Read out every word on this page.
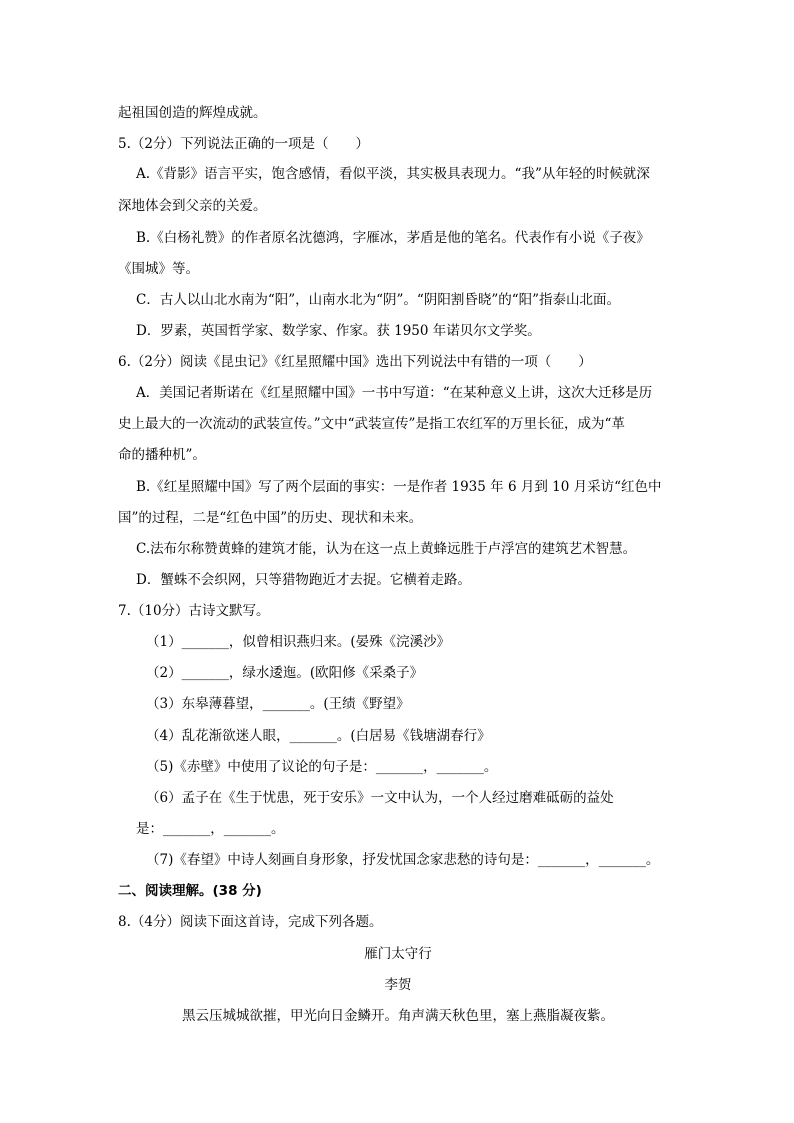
起祖国创造的辉煌成就。
5.（2分）下列说法正确的一项是（　　）
A.《背影》语言平实，饱含感情，看似平淡，其实极具表现力。“我”从年轻的时候就深
深地体会到父亲的关爱。
B.《白杨礼赞》的作者原名沈德鸿，字雁冰，茅盾是他的笔名。代表作有小说《子夜》
《围城》等。
C．古人以山北水南为“阳”，山南水北为“阴”。“阴阳割昏晓”的“阳”指泰山北面。
D．罗素，英国哲学家、数学家、作家。获 1950 年诺贝尔文学奖。
6.（2分）阅读《昆虫记》《红星照耀中国》选出下列说法中有错的一项（　　）
A．美国记者斯诺在《红星照耀中国》一书中写道：“在某种意义上讲，这次大迁移是历
史上最大的一次流动的武装宣传。”文中“武装宣传”是指工农红军的万里长征，成为“革
命的播种机”。
B.《红星照耀中国》写了两个层面的事实：一是作者 1935 年 6 月到 10 月采访“红色中
国”的过程，二是“红色中国”的历史、现状和未来。
C.法布尔称赞黄蜂的建筑才能，认为在这一点上黄蜂远胜于卢浮宫的建筑艺术智慧。
D．蟹蛛不会织网，只等猎物跑近才去捉。它横着走路。
7.（10分）古诗文默写。
（1）_______，似曾相识燕归来。(晏殊《浣溪沙》
（2）_______，绿水逶迤。(欧阳修《采桑子》
（3）东皋薄暮望，_______。(王绩《野望》
（4）乱花渐欲迷人眼，_______。(白居易《钱塘湖春行》
（5)《赤壁》中使用了议论的句子是：_______，_______。
（6）孟子在《生于忧患，死于安乐》一文中认为，一个人经过磨难砥砺的益处
是：_______，_______。
（7)《春望》中诗人刻画自身形象，抒发忧国念家悲愁的诗句是：_______，_______。
二、阅读理解。(38 分)
8.（4分）阅读下面这首诗，完成下列各题。
雁门太守行
李贺
黑云压城城欲摧，甲光向日金鳞开。角声满天秋色里，塞上燕脂凝夜紫。
